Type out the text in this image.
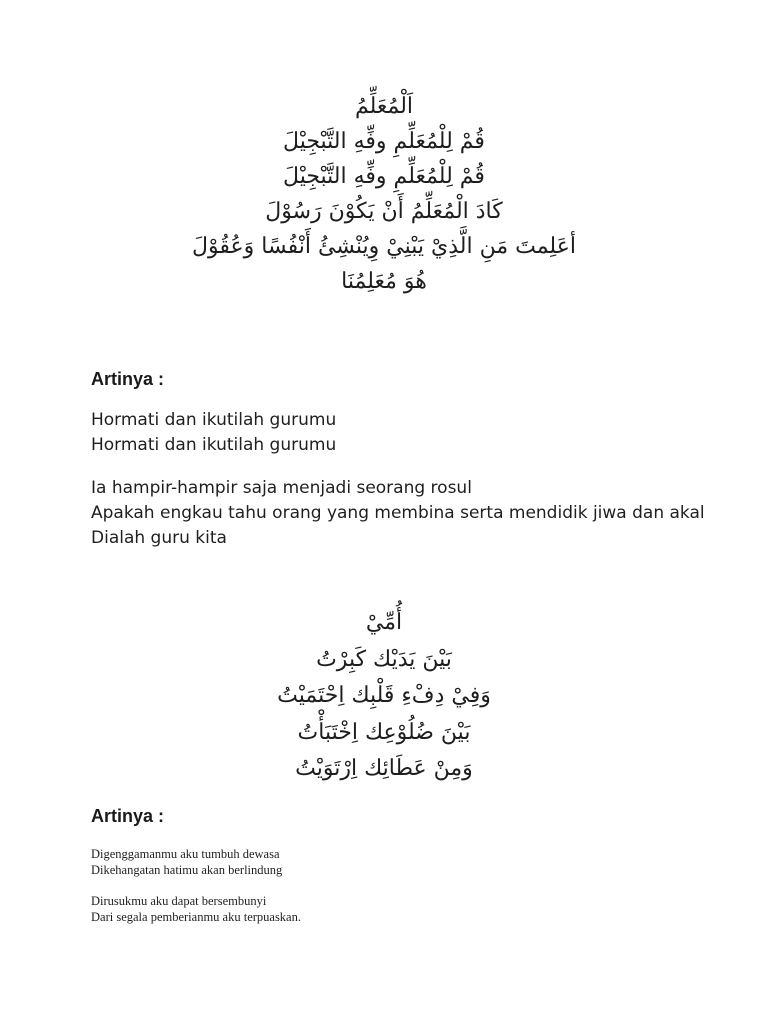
اَلْمُعَلِّمُ
قُمْ لِلْمُعَلِّمِ وفِّهِ التَّبْجِيْلَ
قُمْ لِلْمُعَلِّمِ وفِّهِ التَّبْجِيْلَ
كَادَ الْمُعَلِّمُ أَنْ يَكُوْنَ رَسُوْلَ
أعَلِمتَ مَنِ الَّذِيْ يَبْنِيْ وِيُنْشِئُ أَنْفُسًا وَعُقُوْلَ
هُوَ مُعَلِمُنَا
Artinya :
Hormati dan ikutilah gurumu
Hormati dan ikutilah gurumu
Ia hampir-hampir saja menjadi seorang rosul
Apakah engkau tahu orang yang membina serta mendidik jiwa dan akal
Dialah guru kita
أُمِّيْ
بَيْنَ يَدَيْك كَبِرْتُ
وَفِيْ دِفْءِ قَلْبِك اِحْتَمَيْتُ
بَيْنَ ضُلُوْعِك اِخْتَبَأْتُ
وَمِنْ عَطَائِك اِرْتَوَيْتُ
Artinya :
Digenggamanmu aku tumbuh dewasa
Dikehangatan hatimu akan berlindung
Dirusukmu aku dapat bersembunyi
Dari segala pemberianmu aku terpuaskan.
